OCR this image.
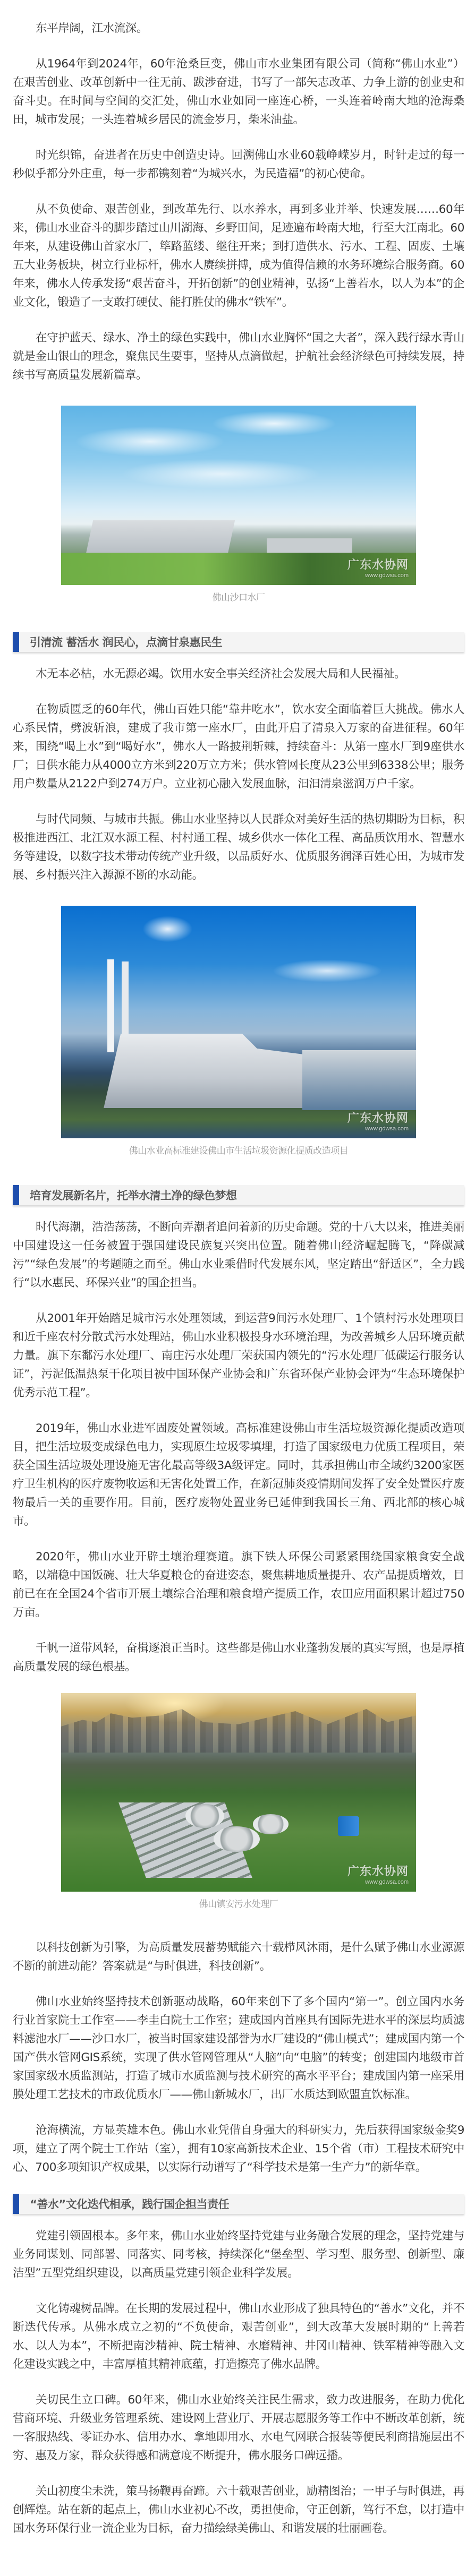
东平岸阔，江水流深。

从1964年到2024年，60年沧桑巨变，佛山市水业集团有限公司（简称“佛山水业”）在艰苦创业、改革创新中一往无前、跋涉奋进，书写了一部矢志改革、力争上游的创业史和奋斗史。在时间与空间的交汇处，佛山水业如同一座连心桥，一头连着岭南大地的沧海桑田，城市发展；一头连着城乡居民的流金岁月，柴米油盐。

时光织锦，奋进者在历史中创造史诗。回溯佛山水业60载峥嵘岁月，时针走过的每一秒似乎都分外庄重，每一步都镌刻着“为城兴水，为民造福”的初心使命。

从不负使命、艰苦创业，到改革先行、以水养水，再到多业并举、快速发展……60年来，佛山水业奋斗的脚步踏过山川湖海、乡野田间，足迹遍布岭南大地，行至大江南北。60年来，从建设佛山首家水厂，筚路蓝缕、继往开来；到打造供水、污水、工程、固废、土壤五大业务板块，树立行业标杆，佛水人赓续拼搏，成为值得信赖的水务环境综合服务商。60年来，佛水人传承发扬“艰苦奋斗，开拓创新”的创业精神，弘扬“上善若水，以人为本”的企业文化，锻造了一支敢打硬仗、能打胜仗的佛水“铁军”。

在守护蓝天、绿水、净土的绿色实践中，佛山水业胸怀“国之大者”，深入践行绿水青山就是金山银山的理念，聚焦民生要事，坚持从点滴做起，护航社会经济绿色可持续发展，持续书写高质量发展新篇章。

广东水协网
www.gdwsa.com
佛山沙口水厂
引清流 蓄活水 润民心，点滴甘泉惠民生

木无本必枯，水无源必竭。饮用水安全事关经济社会发展大局和人民福祉。

在物质匮乏的60年代，佛山百姓只能“靠井吃水”，饮水安全面临着巨大挑战。佛水人心系民情，劈波斩浪，建成了我市第一座水厂，由此开启了清泉入万家的奋进征程。60年来，围绕“喝上水”到“喝好水”，佛水人一路披荆斩棘，持续奋斗：从第一座水厂到9座供水厂；日供水能力从4000立方米到220万立方米；供水管网长度从23公里到6338公里；服务用户数量从2122户到274万户。立业初心融入发展血脉，汩汩清泉滋润万户千家。

与时代同频、与城市共振。佛山水业坚持以人民群众对美好生活的热切期盼为目标，积极推进西江、北江双水源工程、村村通工程、城乡供水一体化工程、高品质饮用水、智慧水务等建设，以数字技术带动传统产业升级，以品质好水、优质服务润泽百姓心田，为城市发展、乡村振兴注入源源不断的水动能。

广东水协网
www.gdwsa.com
佛山水业高标准建设佛山市生活垃圾资源化提质改造项目
培育发展新名片，托举水清土净的绿色梦想

时代海潮，浩浩荡荡，不断向弄潮者追问着新的历史命题。党的十八大以来，推进美丽中国建设这一任务被置于强国建设民族复兴突出位置。随着佛山经济崛起腾飞，“降碳减污”“绿色发展”的考题随之而至。佛山水业乘借时代发展东风，坚定踏出“舒适区”，全力践行“以水惠民、环保兴业”的国企担当。

从2001年开始踏足城市污水处理领域，到运营9间污水处理厂、1个镇村污水处理项目和近千座农村分散式污水处理站，佛山水业积极投身水环境治理，为改善城乡人居环境贡献力量。旗下东鄱污水处理厂、南庄污水处理厂荣获国内领先的“污水处理厂低碳运行服务认证”，污泥低温热泵干化项目被中国环保产业协会和广东省环保产业协会评为“生态环境保护优秀示范工程”。

2019年，佛山水业进军固废处置领域。高标准建设佛山市生活垃圾资源化提质改造项目，把生活垃圾变成绿色电力，实现原生垃圾零填埋，打造了国家级电力优质工程项目，荣获全国生活垃圾处理设施无害化最高等级3A级评定。同时，其承担佛山市全域约3200家医疗卫生机构的医疗废物收运和无害化处置工作，在新冠肺炎疫情期间发挥了安全处置医疗废物最后一关的重要作用。目前，医疗废物处置业务已延伸到我国长三角、西北部的核心城市。

2020年，佛山水业开辟土壤治理赛道。旗下铁人环保公司紧紧围绕国家粮食安全战略，以端稳中国饭碗、壮大华夏粮仓的奋进姿态，聚焦耕地质量提升、农产品提质增效，目前已在在全国24个省市开展土壤综合治理和粮食增产提质工作，农田应用面积累计超过750万亩。

千帆一道带风轻，奋楫逐浪正当时。这些都是佛山水业蓬勃发展的真实写照，也是厚植高质量发展的绿色根基。

广东水协网
www.gdwsa.com
佛山镇安污水处理厂

以科技创新为引擎，为高质量发展蓄势赋能六十载栉风沐雨，是什么赋予佛山水业源源不断的前进动能？答案就是“与时俱进，科技创新”。

佛山水业始终坚持技术创新驱动战略，60年来创下了多个国内“第一”。创立国内水务行业首家院士工作室——李圭白院士工作室；建成国内首座具有国际先进水平的深层均质滤料滤池水厂——沙口水厂，被当时国家建设部誉为水厂建设的“佛山模式”；建成国内第一个国产供水管网GIS系统，实现了供水管网管理从“人脑”向“电脑”的转变；创建国内地级市首家国家级水质监测站，打造了城市水质监测与技术研究的高水平平台；建成国内第一座采用膜处理工艺技术的市政优质水厂——佛山新城水厂，出厂水质达到欧盟直饮标准。

沧海横流，方显英雄本色。佛山水业凭借自身强大的科研实力，先后获得国家级金奖9项，建立了两个院士工作站（室），拥有10家高新技术企业、15个省（市）工程技术研究中心、700多项知识产权成果，以实际行动谱写了“科学技术是第一生产力”的新华章。

“善水”文化迭代相承，践行国企担当责任

党建引领固根本。多年来，佛山水业始终坚持党建与业务融合发展的理念，坚持党建与业务同谋划、同部署、同落实、同考核，持续深化“堡垒型、学习型、服务型、创新型、廉洁型”五型党组织建设，以高质量党建引领企业科学发展。

文化铸魂树品牌。在长期的发展过程中，佛山水业形成了独具特色的“善水”文化，并不断迭代传承。从佛水成立之初的“不负使命，艰苦创业”，到大改革大发展时期的“上善若水、以人为本”，不断把南沙精神、院士精神、水磨精神、井冈山精神、铁军精神等融入文化建设实践之中，丰富厚植其精神底蕴，打造擦亮了佛水品牌。

关切民生立口碑。60年来，佛山水业始终关注民生需求，致力改进服务，在助力优化营商环境、升级业务管理系统、建设网上营业厅、开展志愿服务等工作中不断改革创新，统一客服热线、零证办水、信用办水、拿地即用水、水电气网联合报装等便民利商措施层出不穷、惠及万家，群众获得感和满意度不断提升，佛水服务口碑远播。

关山初度尘未洗，策马扬鞭再奋蹄。六十载艰苦创业，励精图治；一甲子与时俱进，再创辉煌。站在新的起点上，佛山水业初心不改，勇担使命，守正创新，笃行不怠，以打造中国水务环保行业一流企业为目标，奋力描绘绿美佛山、和谐发展的壮丽画卷。
